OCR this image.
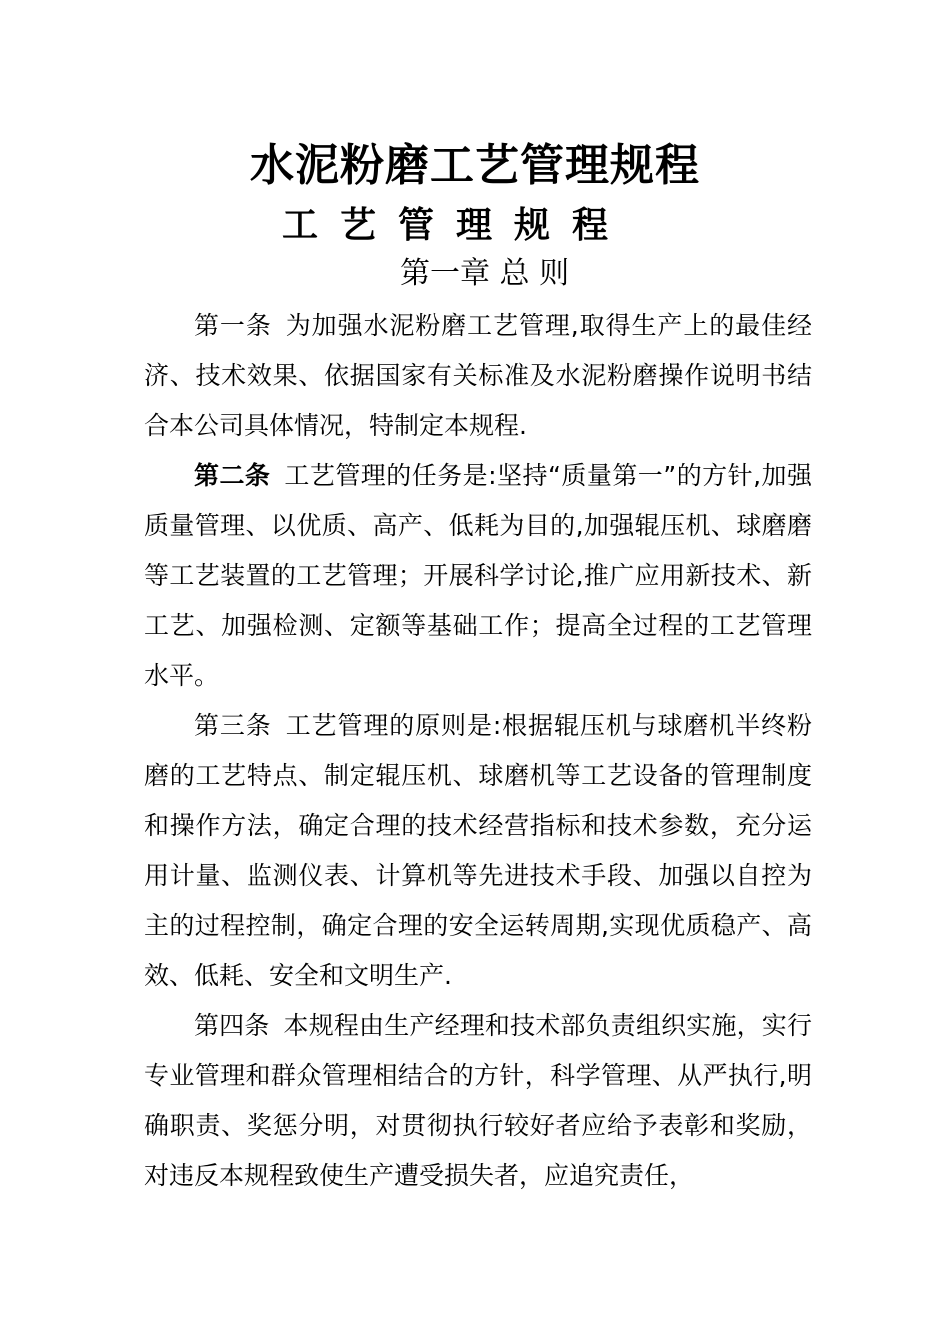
水泥粉磨工艺管理规程
工艺管理规程
第一章 总 则

第一条 为加强水泥粉磨工艺管理,取得生产上的最佳经济、技术效果、依据国家有关标准及水泥粉磨操作说明书结合本公司具体情况，特制定本规程.

第二条 工艺管理的任务是:坚持“质量第一”的方针,加强质量管理、以优质、高产、低耗为目的,加强辊压机、球磨磨等工艺装置的工艺管理；开展科学讨论,推广应用新技术、新工艺、加强检测、定额等基础工作；提高全过程的工艺管理水平。

第三条 工艺管理的原则是:根据辊压机与球磨机半终粉磨的工艺特点、制定辊压机、球磨机等工艺设备的管理制度和操作方法，确定合理的技术经营指标和技术参数，充分运用计量、监测仪表、计算机等先进技术手段、加强以自控为主的过程控制，确定合理的安全运转周期,实现优质稳产、高效、低耗、安全和文明生产.

第四条 本规程由生产经理和技术部负责组织实施，实行专业管理和群众管理相结合的方针，科学管理、从严执行,明确职责、奖惩分明，对贯彻执行较好者应给予表彰和奖励，对违反本规程致使生产遭受损失者，应追究责任，
